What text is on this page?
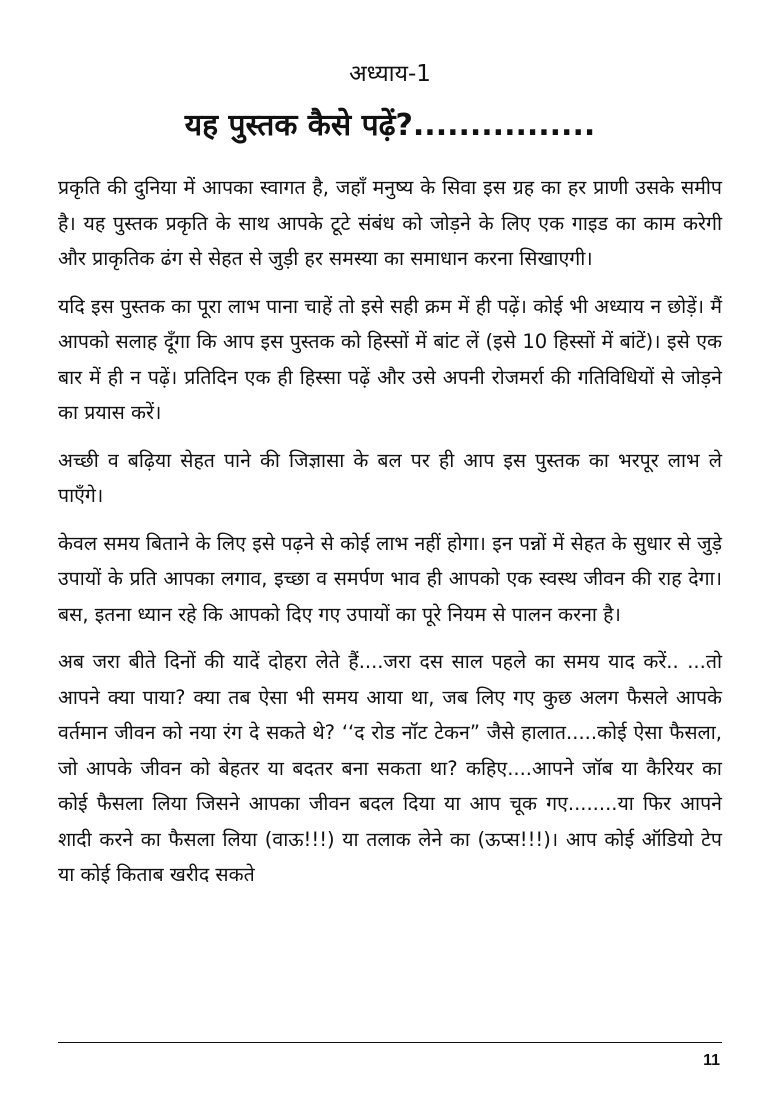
अध्याय-1
यह पुस्तक कैसे पढ़ें?................

प्रकृति की दुनिया में आपका स्वागत है, जहाँ मनुष्य के सिवा इस ग्रह का हर प्राणी उसके समीप है। यह पुस्तक प्रकृति के साथ आपके टूटे संबंध को जोड़ने के लिए एक गाइड का काम करेगी और प्राकृतिक ढंग से सेहत से जुड़ी हर समस्या का समाधान करना सिखाएगी।

यदि इस पुस्तक का पूरा लाभ पाना चाहें तो इसे सही क्रम में ही पढ़ें। कोई भी अध्याय न छोड़ें। मैं आपको सलाह दूँगा कि आप इस पुस्तक को हिस्सों में बांट लें (इसे 10 हिस्सों में बांटें)। इसे एक बार में ही न पढ़ें। प्रतिदिन एक ही हिस्सा पढ़ें और उसे अपनी रोजमर्रा की गतिविधियों से जोड़ने का प्रयास करें।

अच्छी व बढ़िया सेहत पाने की जिज्ञासा के बल पर ही आप इस पुस्तक का भरपूर लाभ ले पाएँगे।

केवल समय बिताने के लिए इसे पढ़ने से कोई लाभ नहीं होगा। इन पन्नों में सेहत के सुधार से जुड़े उपायों के प्रति आपका लगाव, इच्छा व समर्पण भाव ही आपको एक स्वस्थ जीवन की राह देगा। बस, इतना ध्यान रहे कि आपको दिए गए उपायों का पूरे नियम से पालन करना है।

अब जरा बीते दिनों की यादें दोहरा लेते हैं....जरा दस साल पहले का समय याद करें.. ...तो आपने क्या पाया? क्या तब ऐसा भी समय आया था, जब लिए गए कुछ अलग फैसले आपके वर्तमान जीवन को नया रंग दे सकते थे? ‘‘द रोड नॉट टेकन” जैसे हालात.....कोई ऐसा फैसला, जो आपके जीवन को बेहतर या बदतर बना सकता था? कहिए....आपने जॉब या कैरियर का कोई फैसला लिया जिसने आपका जीवन बदल दिया या आप चूक गए........या फिर आपने शादी करने का फैसला लिया (वाऊ!!!) या तलाक लेने का (ऊप्स!!!)। आप कोई ऑडियो टेप या कोई किताब खरीद सकते

11
